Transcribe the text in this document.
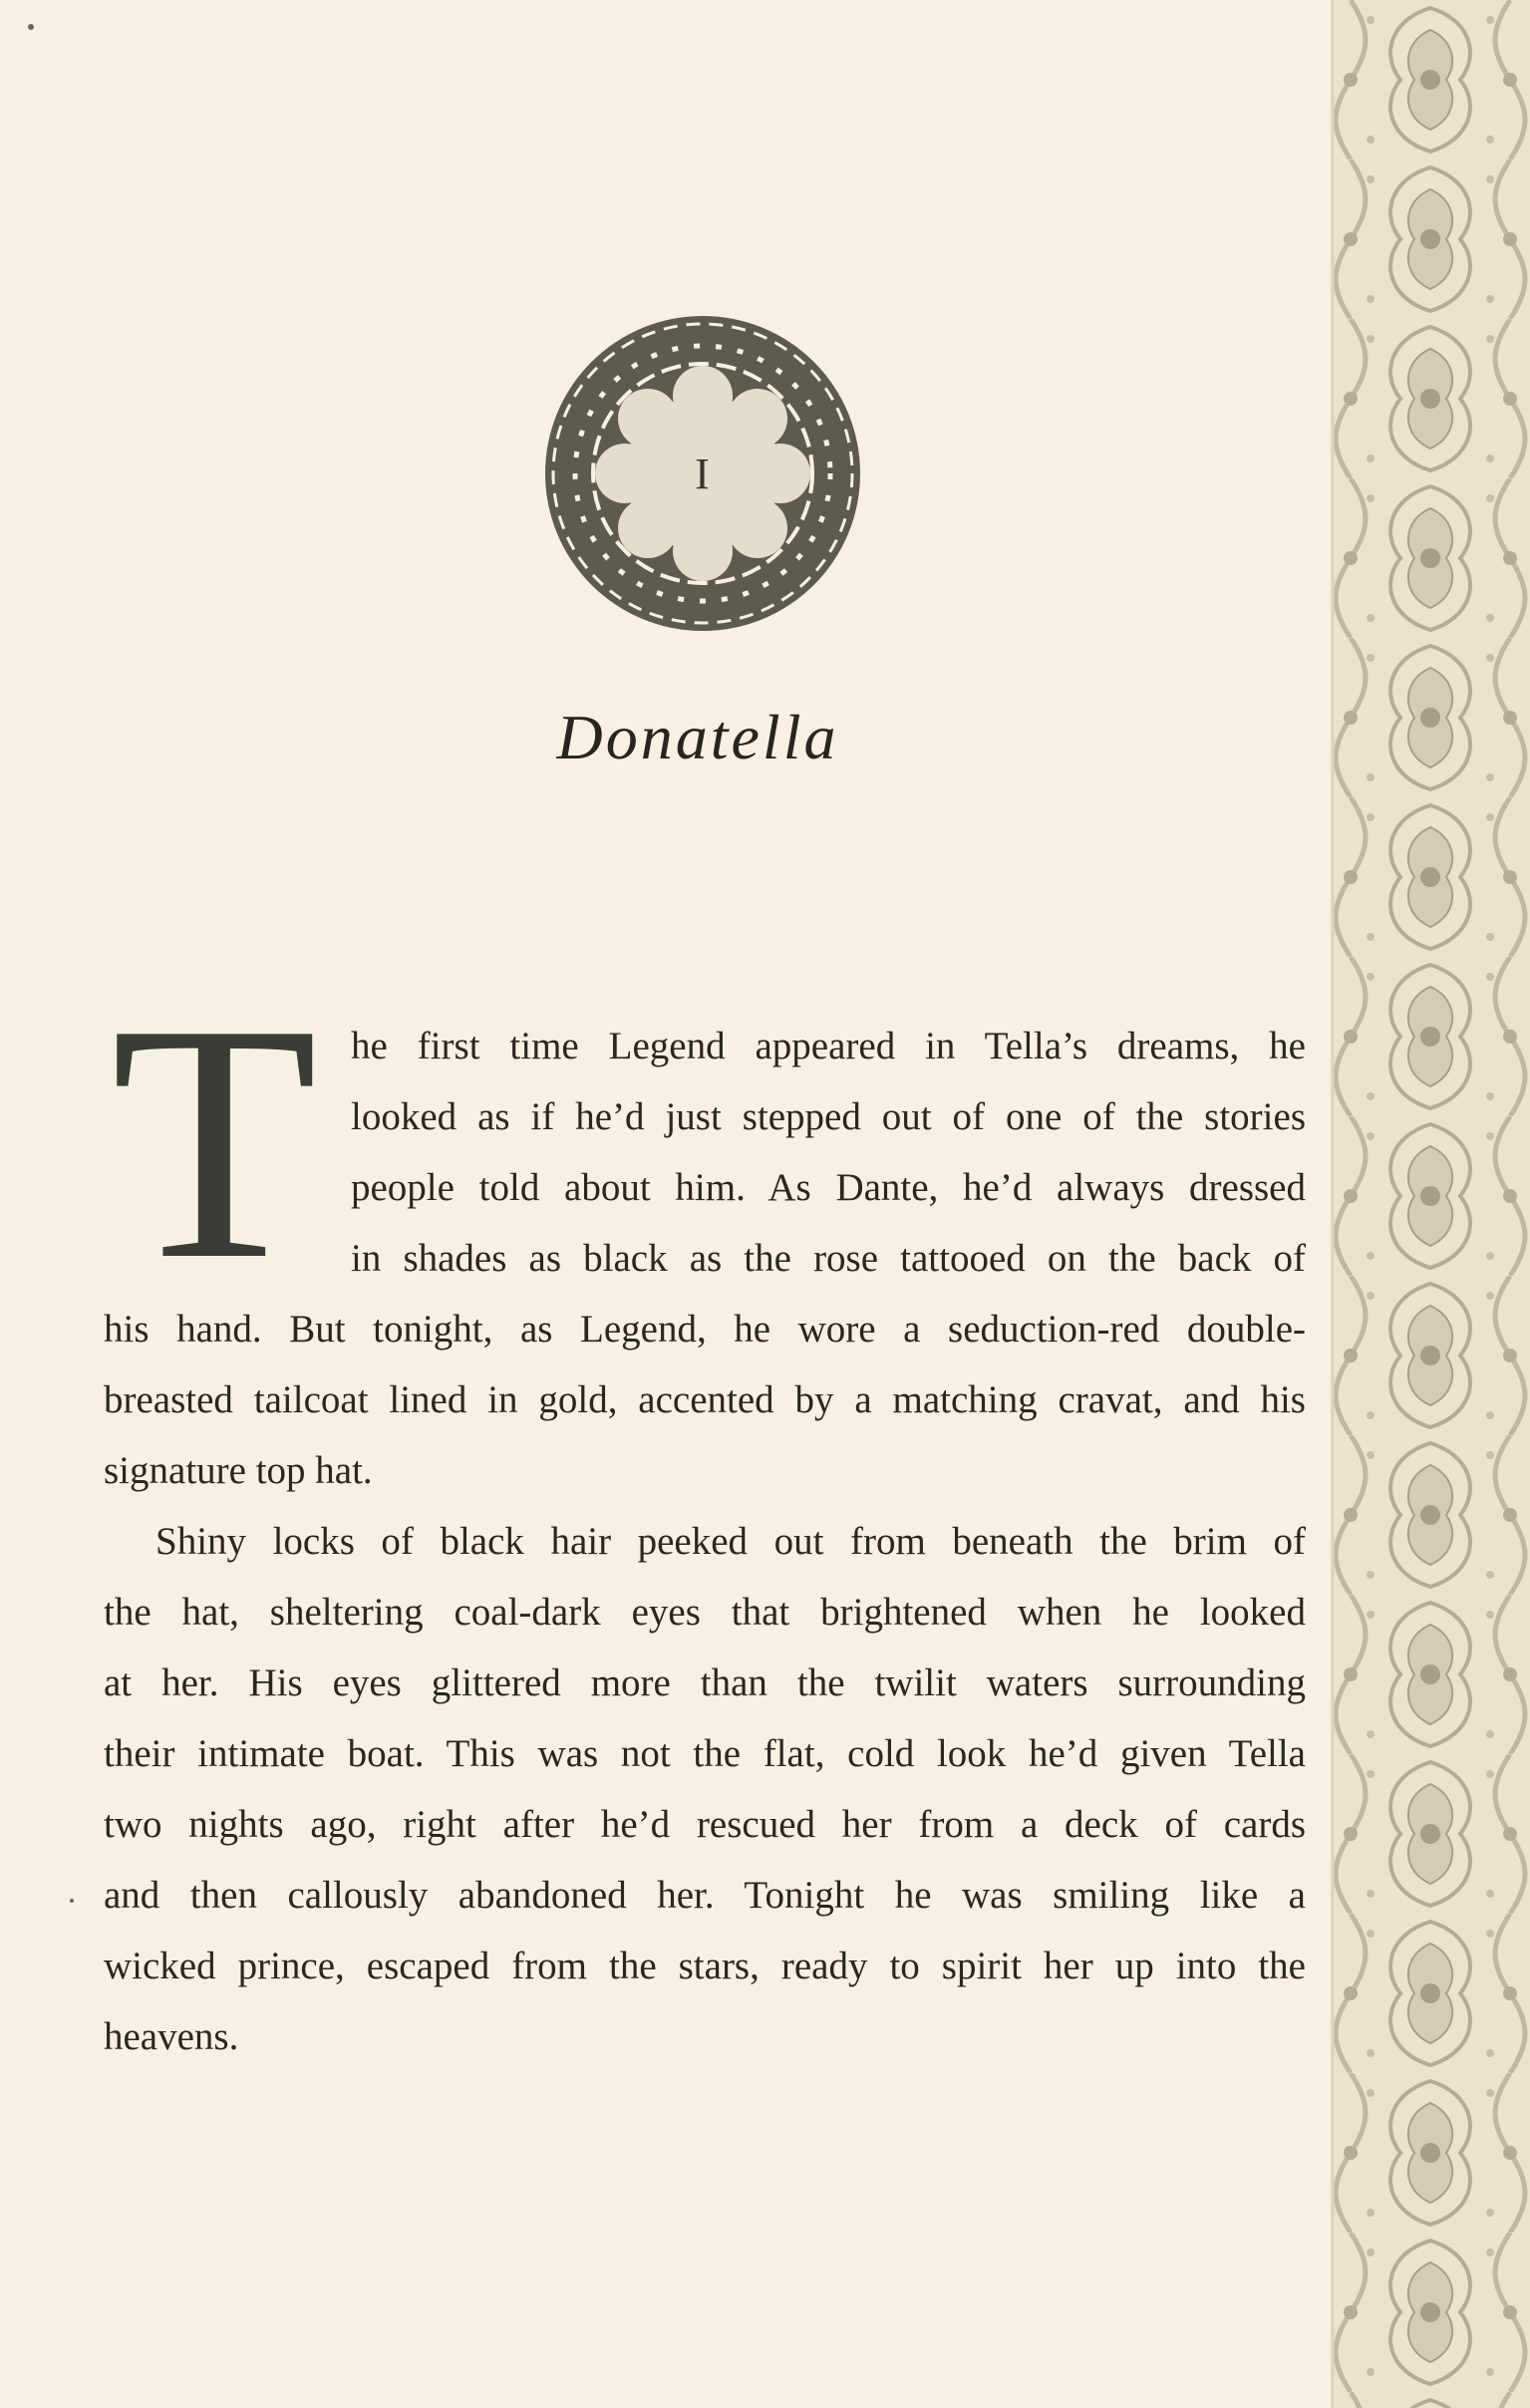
I
Donatella
T he first time Legend appeared in Tella’s dreams, he
looked as if he’d just stepped out of one of the stories
people told about him. As Dante, he’d always dressed
in shades as black as the rose tattooed on the back of
his hand. But tonight, as Legend, he wore a seduction-red double-
breasted tailcoat lined in gold, accented by a matching cravat, and his
signature top hat.
Shiny locks of black hair peeked out from beneath the brim of
the hat, sheltering coal-dark eyes that brightened when he looked
at her. His eyes glittered more than the twilit waters surrounding
their intimate boat. This was not the flat, cold look he’d given Tella
two nights ago, right after he’d rescued her from a deck of cards
and then callously abandoned her. Tonight he was smiling like a
wicked prince, escaped from the stars, ready to spirit her up into the
heavens.
